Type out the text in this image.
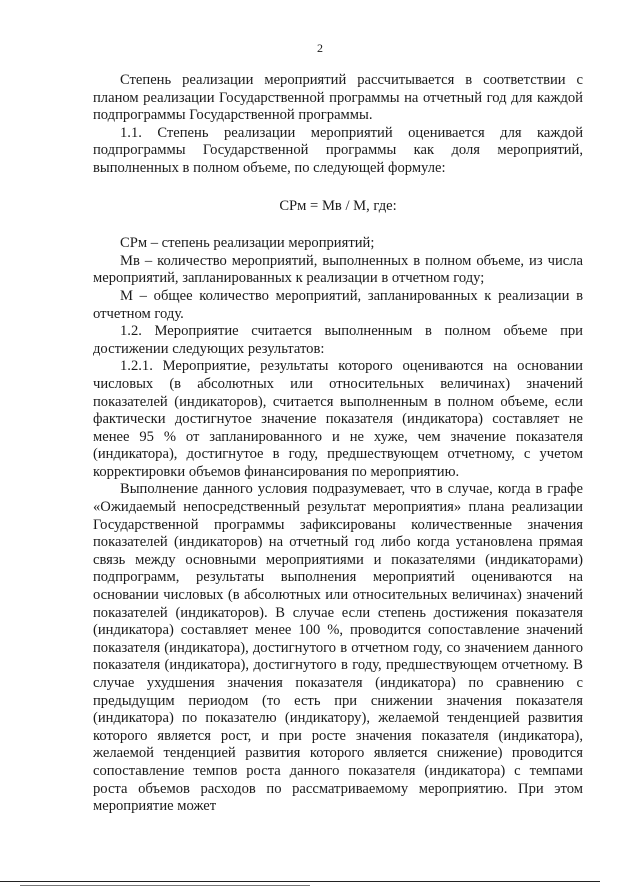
2

Степень реализации мероприятий рассчитывается в соответствии с планом реализации Государственной программы на отчетный год для каждой подпрограммы Государственной программы.

1.1. Степень реализации мероприятий оценивается для каждой подпрограммы Государственной программы как доля мероприятий, выполненных в полном объеме, по следующей формуле:

СРм = Мв / М, где:

СРм – степень реализации мероприятий;

Мв – количество мероприятий, выполненных в полном объеме, из числа мероприятий, запланированных к реализации в отчетном году;

М – общее количество мероприятий, запланированных к реализации в отчетном году.

1.2. Мероприятие считается выполненным в полном объеме при достижении следующих результатов:

1.2.1. Мероприятие, результаты которого оцениваются на основании числовых (в абсолютных или относительных величинах) значений показателей (индикаторов), считается выполненным в полном объеме, если фактически достигнутое значение показателя (индикатора) составляет не менее 95 % от запланированного и не хуже, чем значение показателя (индикатора), достигнутое в году, предшествующем отчетному, с учетом корректировки объемов финансирования по мероприятию.

Выполнение данного условия подразумевает, что в случае, когда в графе «Ожидаемый непосредственный результат мероприятия» плана реализации Государственной программы зафиксированы количественные значения показателей (индикаторов) на отчетный год либо когда установлена прямая связь между основными мероприятиями и показателями (индикаторами) подпрограмм, результаты выполнения мероприятий оцениваются на основании числовых (в абсолютных или относительных величинах) значений показателей (индикаторов). В случае если степень достижения показателя (индикатора) составляет менее 100 %, проводится сопоставление значений показателя (индикатора), достигнутого в отчетном году, со значением данного показателя (индикатора), достигнутого в году, предшествующем отчетному. В случае ухудшения значения показателя (индикатора) по сравнению с предыдущим периодом (то есть при снижении значения показателя (индикатора) по показателю (индикатору), желаемой тенденцией развития которого является рост, и при росте значения показателя (индикатора), желаемой тенденцией развития которого является снижение) проводится сопоставление темпов роста данного показателя (индикатора) с темпами роста объемов расходов по рассматриваемому мероприятию. При этом мероприятие может
